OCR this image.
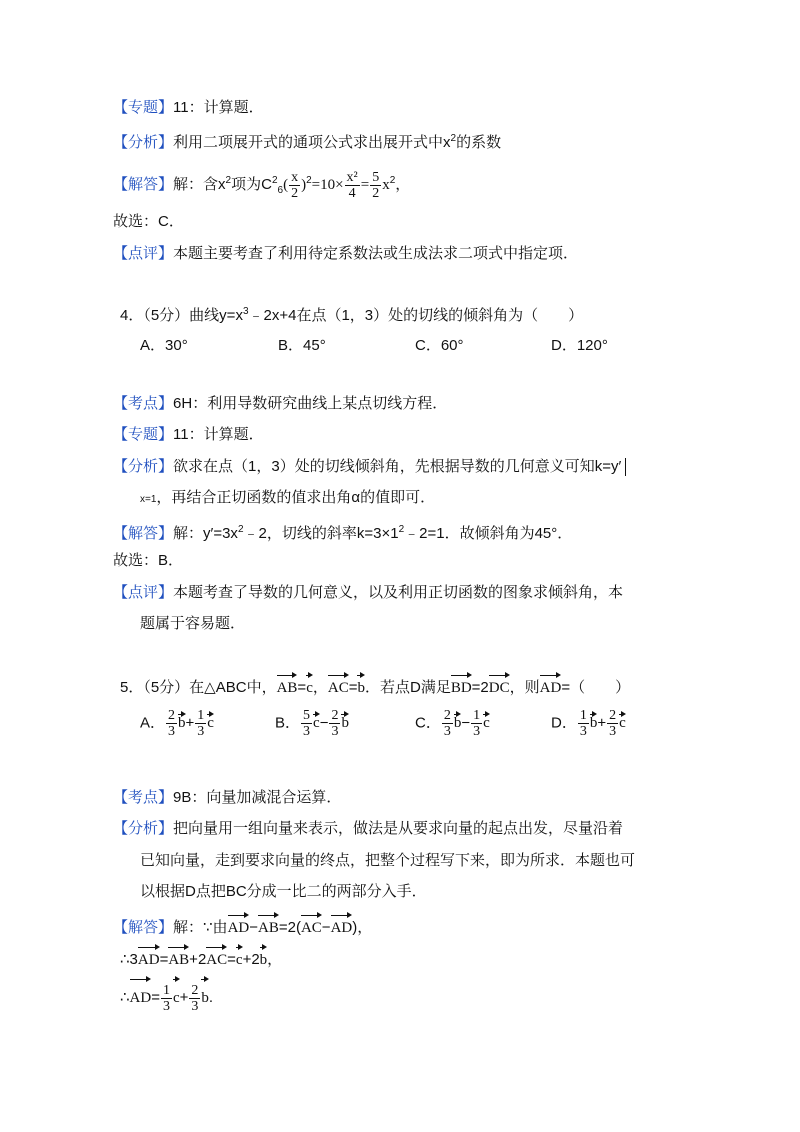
【专题】11：计算题．
【分析】利用二项展开式的通项公式求出展开式中$x^2$的系数
【解答】解：含$x^2$项为$C^2_6( \frac{x}{2} )^2=10\times \frac{\text{x²}}{4} = \frac{5}{2} x^2$，
故选：C．
【点评】本题主要考查了利用待定系数法或生成法求二项式中指定项．
4．（5分）曲线$y=x^3﹣2x+4$在点（1，3）处的切线的倾斜角为（　　）
A．30°	B．45°	C．60°	D．120°
【考点】6H：利用导数研究曲线上某点切线方程．
【专题】11：计算题．
【分析】欲求在点（1，3）处的切线倾斜角，先根据导数的几何意义可知k=y′
x=1，再结合正切函数的值求出角α的值即可．
【解答】解：$y'=3x^2﹣2$，切线的斜率$k=3\times 1^2﹣2=1$．故倾斜角为45°．
故选：B．
【点评】本题考查了导数的几何意义，以及利用正切函数的图象求倾斜角，本
题属于容易题．
5．（5分）在△ABC中，AB=c，AC=b．若点D满足BD=2DC，则AD=（　　）
A． $\frac{2}{3} b+ \frac{1}{3}$ c	B． $\frac{5}{3} c- \frac{2}{3}$ b	C． $\frac{2}{3} b- \frac{1}{3}$ c	D． $\frac{1}{3} b+ \frac{2}{3}$ c
【考点】9B：向量加减混合运算．
【分析】把向量用一组向量来表示，做法是从要求向量的起点出发，尽量沿着
已知向量，走到要求向量的终点，把整个过程写下来，即为所求．本题也可
以根据D点把BC分成一比二的两部分入手．
【解答】解：∵由AD−AB=2(AC−AD)，
∴3AD=AB+2AC=c+2b，
∴AD= $\frac{1}{3} c+ \frac{2}{3} b$.
